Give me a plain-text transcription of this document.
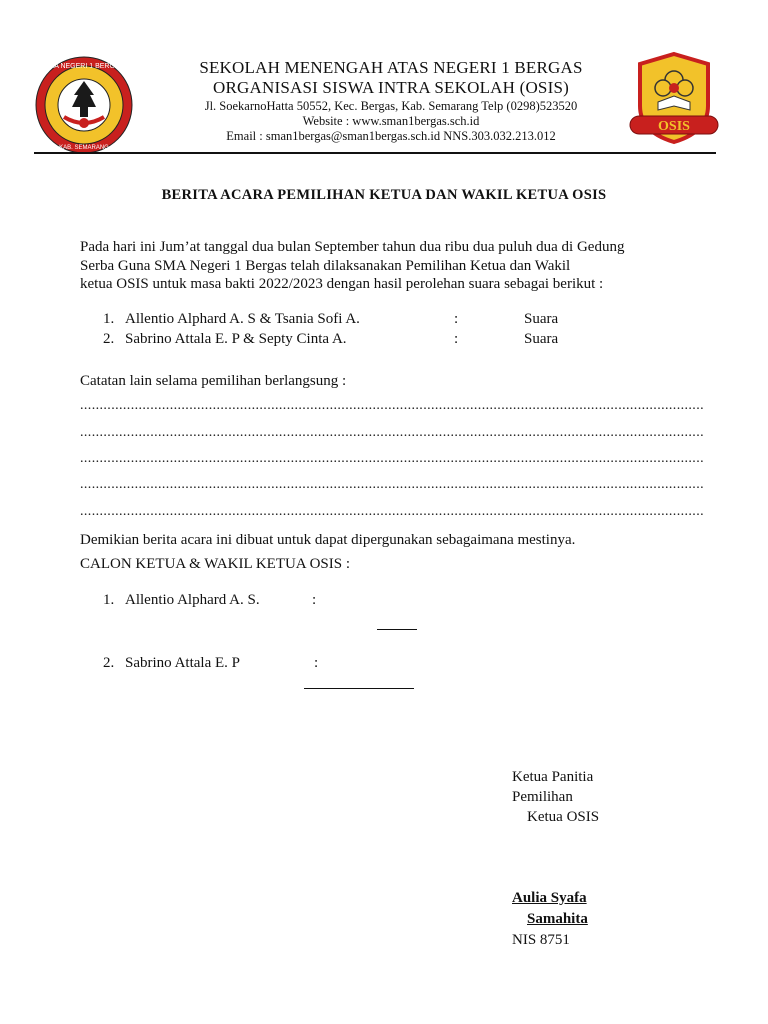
SMA NEGERI 1 BERGAS
KAB. SEMARANG
OSIS
SEKOLAH MENENGAH ATAS NEGERI 1 BERGAS
ORGANISASI SISWA INTRA SEKOLAH (OSIS)
Jl. SoekarnoHatta 50552, Kec. Bergas, Kab. Semarang Telp (0298)523520
Website : www.sman1bergas.sch.id
Email : sman1bergas@sman1bergas.sch.id NNS.303.032.213.012
BERITA ACARA PEMILIHAN KETUA DAN WAKIL KETUA OSIS
Pada hari ini Jum’at tanggal dua bulan September tahun dua ribu dua puluh dua di Gedung
Serba Guna SMA Negeri 1 Bergas telah dilaksanakan Pemilihan Ketua dan Wakil
ketua OSIS untuk masa bakti 2022/2023 dengan hasil perolehan suara sebagai berikut :
1. Allentio Alphard A. S & Tsania Sofi A.	:	Suara
2. Sabrino Attala E. P & Septy Cinta A.	:	Suara
Catatan lain selama pemilihan berlangsung :
................................................................................................................................................................
................................................................................................................................................................
................................................................................................................................................................
................................................................................................................................................................
................................................................................................................................................................
Demikian berita acara ini dibuat untuk dapat dipergunakan sebagaimana mestinya.
CALON KETUA & WAKIL KETUA OSIS :
1. Allentio Alphard A. S.	:
2. Sabrino Attala E. P	:
Ketua Panitia
Pemilihan
Ketua OSIS
Aulia Syafa
Samahita
NIS 8751
